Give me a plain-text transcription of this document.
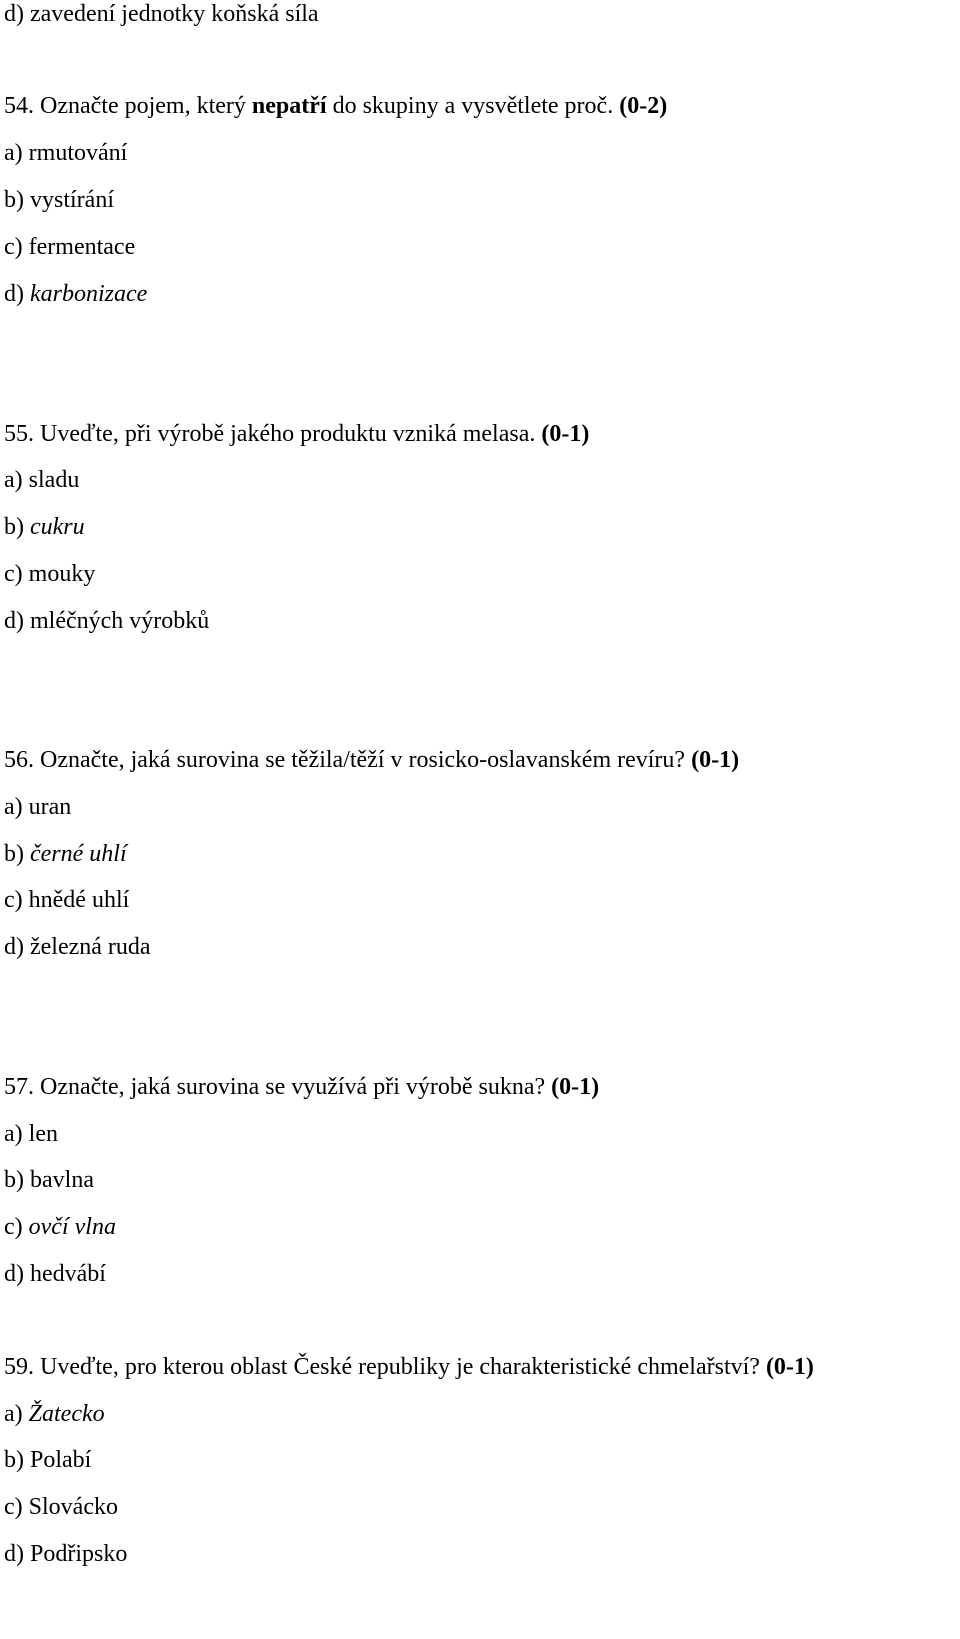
d) zavedení jednotky koňská síla
54. Označte pojem, který nepatří do skupiny a vysvětlete proč. (0-2)
a) rmutování
b) vystírání
c) fermentace
d) karbonizace
55. Uveďte, při výrobě jakého produktu vzniká melasa. (0-1)
a) sladu
b) cukru
c) mouky
d) mléčných výrobků
56. Označte, jaká surovina se těžila/těží v rosicko-oslavanském revíru? (0-1)
a) uran
b) černé uhlí
c) hnědé uhlí
d) železná ruda
57. Označte, jaká surovina se využívá při výrobě sukna? (0-1)
a) len
b) bavlna
c) ovčí vlna
d) hedvábí
59. Uveďte, pro kterou oblast České republiky je charakteristické chmelařství? (0-1)
a) Žatecko
b) Polabí
c) Slovácko
d) Podřipsko
